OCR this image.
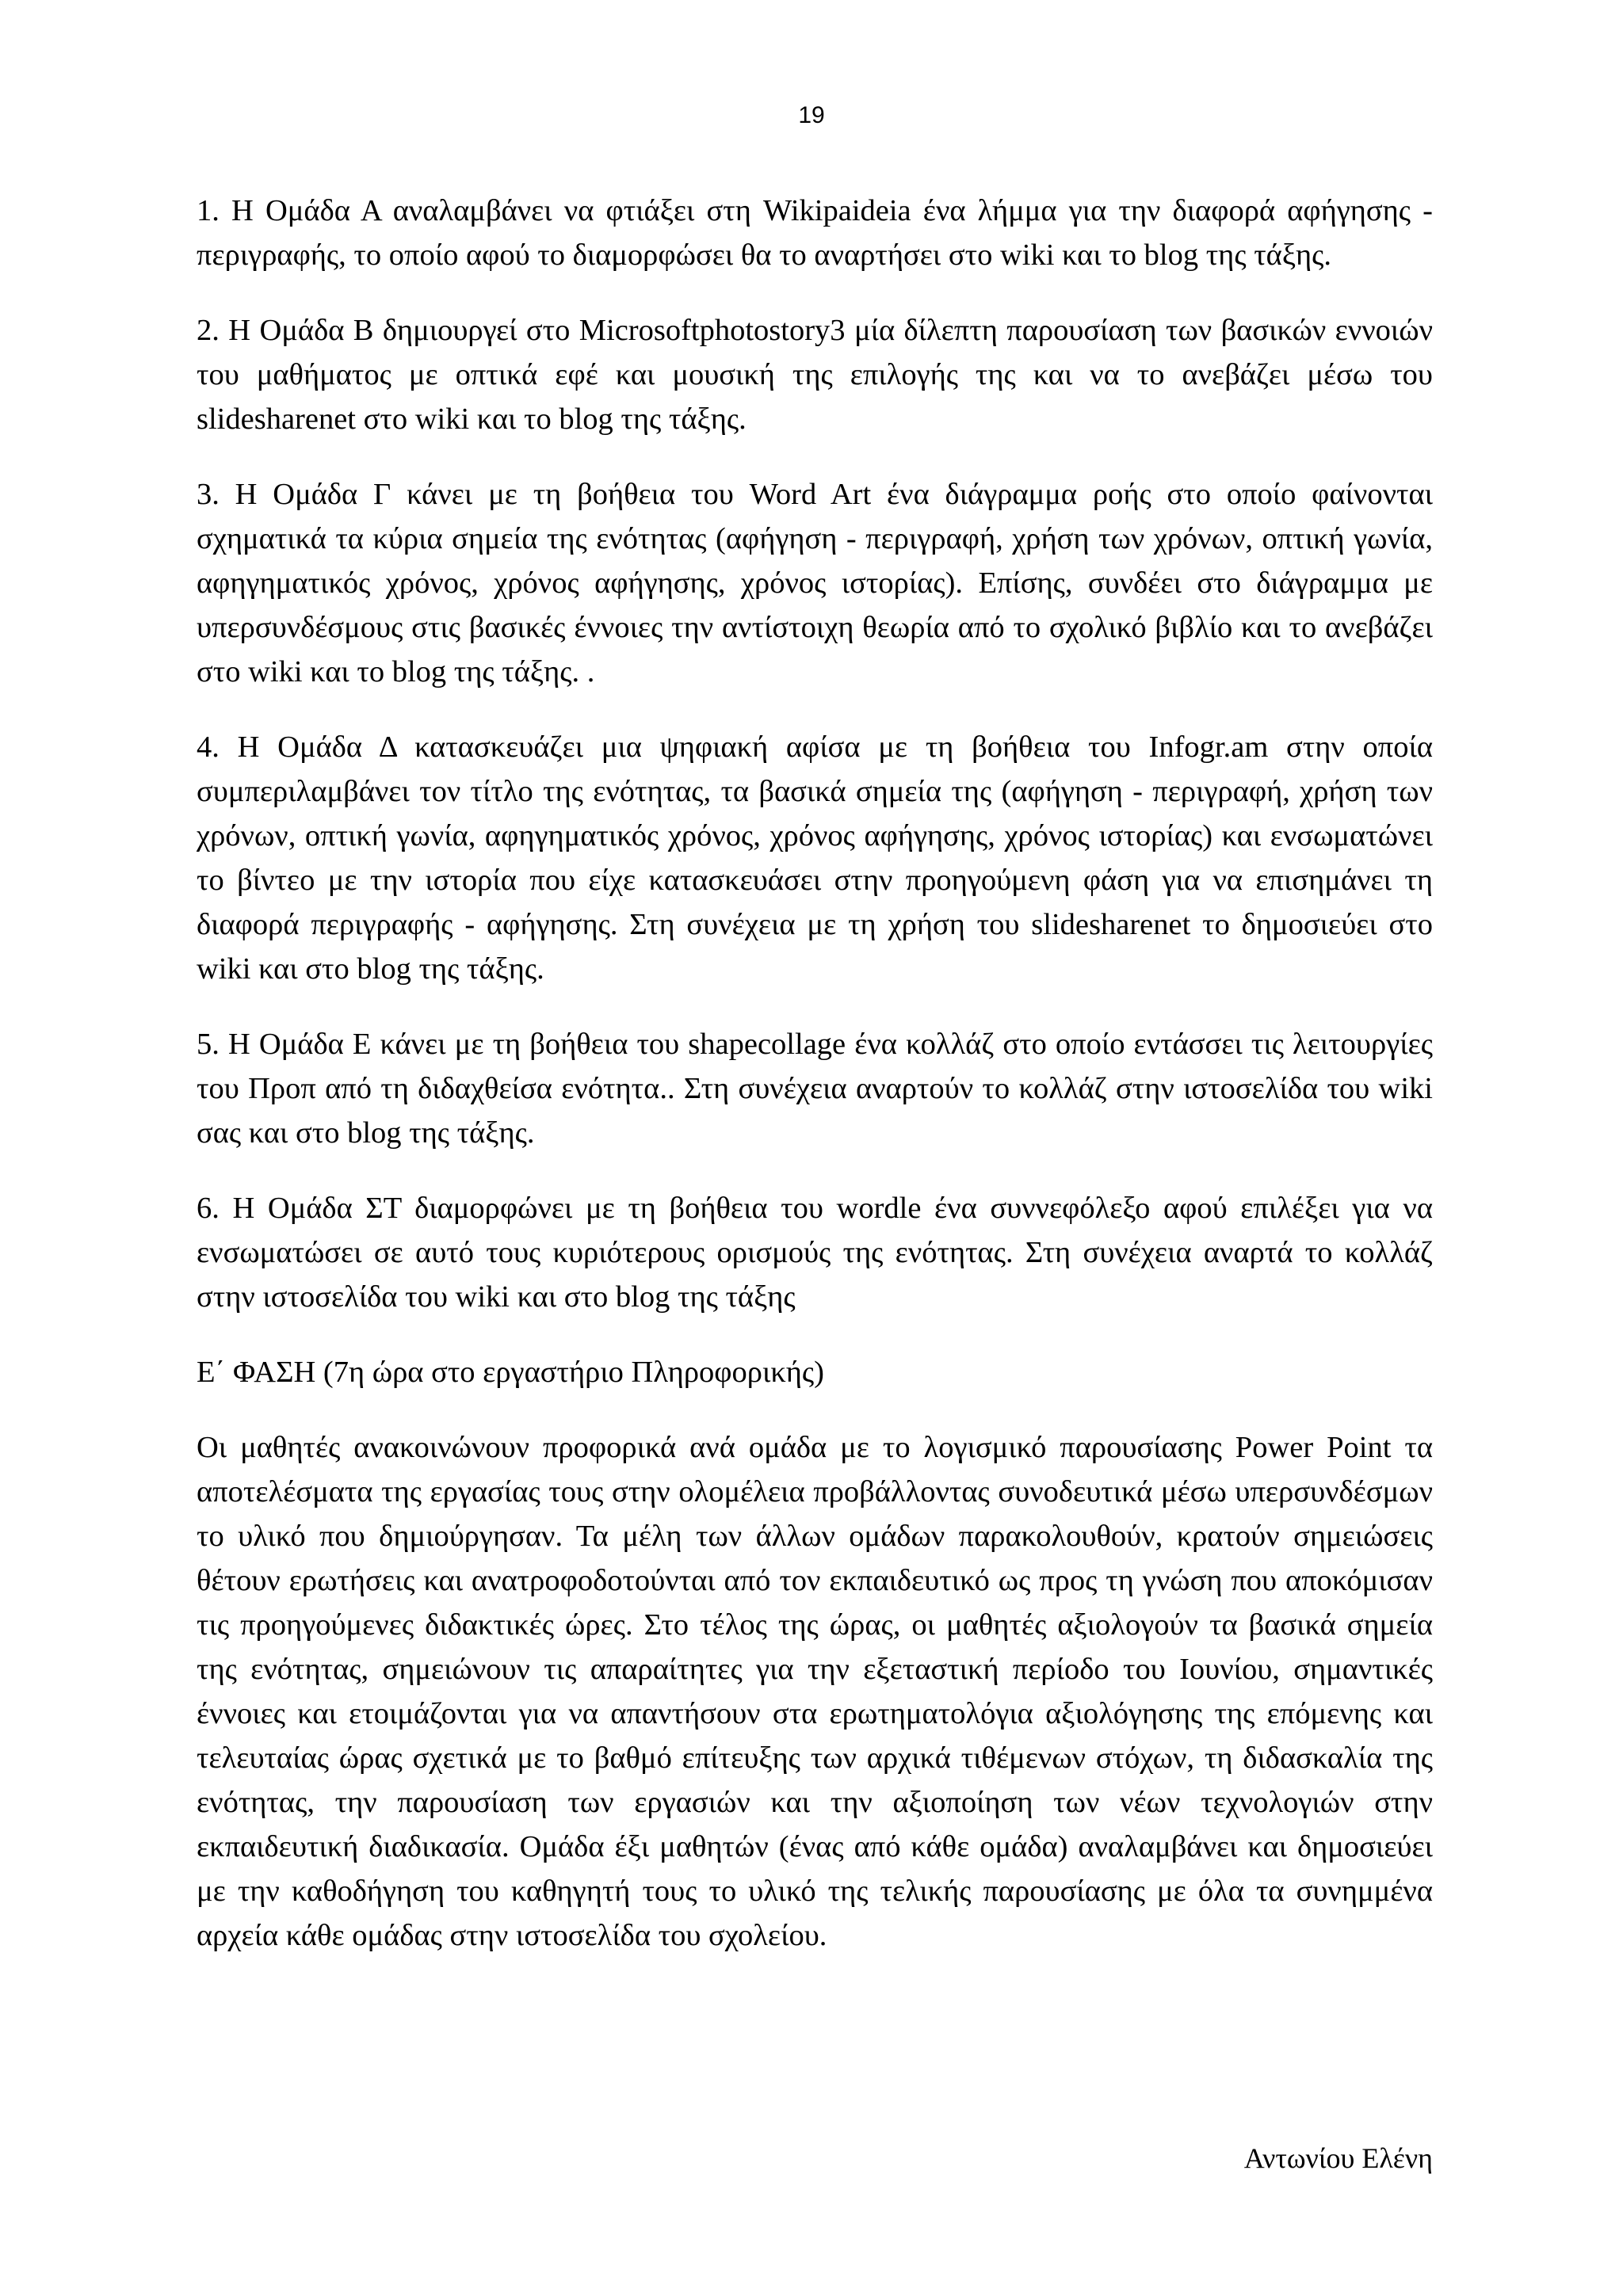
19

1. Η Ομάδα Α αναλαμβάνει να φτιάξει στη Wikipaideia ένα λήμμα για την διαφορά αφήγησης - περιγραφής, το οποίο αφού το διαμορφώσει θα το αναρτήσει στο wiki και το blog της τάξης.

2. Η Ομάδα Β δημιουργεί στο Microsoftphotostory3 μία δίλεπτη παρουσίαση των βασικών εννοιών του μαθήματος με οπτικά εφέ και μουσική της επιλογής της και να το ανεβάζει μέσω του slidesharenet στο wiki και το blog της τάξης.

3. Η Ομάδα Γ κάνει με τη βοήθεια του Word Art ένα διάγραμμα ροής στο οποίο φαίνονται σχηματικά τα κύρια σημεία της ενότητας (αφήγηση - περιγραφή, χρήση των χρόνων, οπτική γωνία, αφηγηματικός χρόνος, χρόνος αφήγησης, χρόνος ιστορίας). Επίσης, συνδέει στο διάγραμμα με υπερσυνδέσμους στις βασικές έννοιες την αντίστοιχη θεωρία από το σχολικό βιβλίο και το ανεβάζει στο wiki και το blog της τάξης. .

4. Η Ομάδα Δ κατασκευάζει μια ψηφιακή αφίσα με τη βοήθεια του Infogr.am στην οποία συμπεριλαμβάνει τον τίτλο της ενότητας, τα βασικά σημεία της (αφήγηση - περιγραφή, χρήση των χρόνων, οπτική γωνία, αφηγηματικός χρόνος, χρόνος αφήγησης, χρόνος ιστορίας) και ενσωματώνει το βίντεο με την ιστορία που είχε κατασκευάσει στην προηγούμενη φάση για να επισημάνει τη διαφορά περιγραφής - αφήγησης. Στη συνέχεια με τη χρήση του slidesharenet το δημοσιεύει στο wiki και στο blog της τάξης.

5. Η Ομάδα Ε κάνει με τη βοήθεια του shapecollage ένα κολλάζ στο οποίο εντάσσει τις λειτουργίες του Προπ από τη διδαχθείσα ενότητα.. Στη συνέχεια αναρτούν το κολλάζ στην ιστοσελίδα του wiki σας και στο blog της τάξης.

6. Η Ομάδα ΣΤ διαμορφώνει με τη βοήθεια του wordle ένα συννεφόλεξο αφού επιλέξει για να ενσωματώσει σε αυτό τους κυριότερους ορισμούς της ενότητας. Στη συνέχεια αναρτά το κολλάζ στην ιστοσελίδα του wiki και στο blog της τάξης

Ε΄ ΦΑΣΗ (7η ώρα στο εργαστήριο Πληροφορικής)

Οι μαθητές ανακοινώνουν προφορικά ανά ομάδα με το λογισμικό παρουσίασης Power Point τα αποτελέσματα της εργασίας τους στην ολομέλεια προβάλλοντας συνοδευτικά μέσω υπερσυνδέσμων το υλικό που δημιούργησαν. Τα μέλη των άλλων ομάδων παρακολουθούν, κρατούν σημειώσεις θέτουν ερωτήσεις και ανατροφοδοτούνται από τον εκπαιδευτικό ως προς τη γνώση που αποκόμισαν τις προηγούμενες διδακτικές ώρες. Στο τέλος της ώρας, οι μαθητές αξιολογούν τα βασικά σημεία της ενότητας, σημειώνουν τις απαραίτητες για την εξεταστική περίοδο του Ιουνίου, σημαντικές έννοιες και ετοιμάζονται για να απαντήσουν στα ερωτηματολόγια αξιολόγησης της επόμενης και τελευταίας ώρας σχετικά με το βαθμό επίτευξης των αρχικά τιθέμενων στόχων, τη διδασκαλία της ενότητας, την παρουσίαση των εργασιών και την αξιοποίηση των νέων τεχνολογιών στην εκπαιδευτική διαδικασία. Ομάδα έξι μαθητών (ένας από κάθε ομάδα) αναλαμβάνει και δημοσιεύει με την καθοδήγηση του καθηγητή τους το υλικό της τελικής παρουσίασης με όλα τα συνημμένα αρχεία κάθε ομάδας στην ιστοσελίδα του σχολείου.

Αντωνίου Ελένη
